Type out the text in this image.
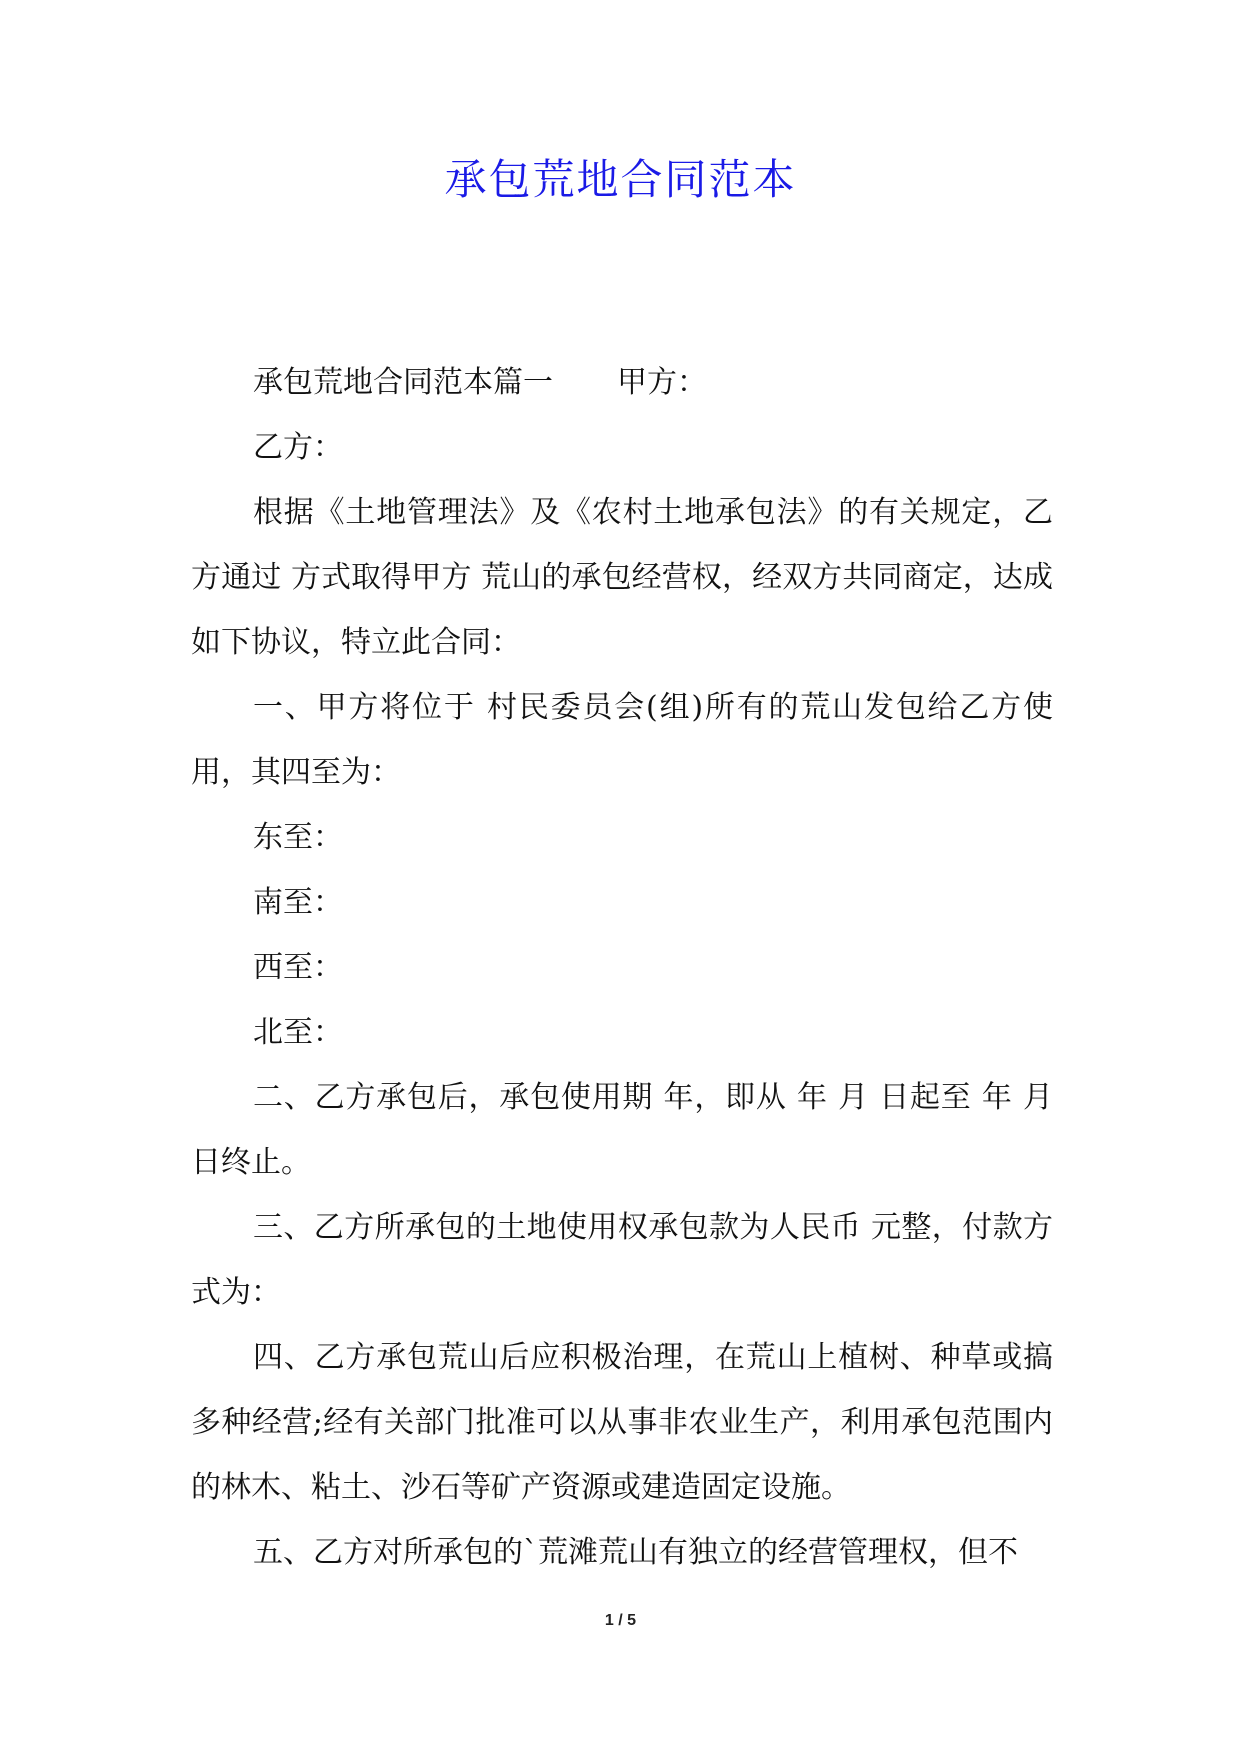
承包荒地合同范本

承包荒地合同范本篇一 甲方：

乙方：

根据《土地管理法》及《农村土地承包法》的有关规定，乙方通过 方式取得甲方 荒山的承包经营权，经双方共同商定，达成如下协议，特立此合同：

一、甲方将位于 村民委员会(组)所有的荒山发包给乙方使用，其四至为：

东至：

南至：

西至：

北至：

二、乙方承包后，承包使用期 年，即从 年 月 日起至 年 月日终止。

三、乙方所承包的土地使用权承包款为人民币 元整，付款方式为：

四、乙方承包荒山后应积极治理，在荒山上植树、种草或搞多种经营;经有关部门批准可以从事非农业生产，利用承包范围内的林木、粘土、沙石等矿产资源或建造固定设施。

五、乙方对所承包的`荒滩荒山有独立的经营管理权，但不

1 / 5
